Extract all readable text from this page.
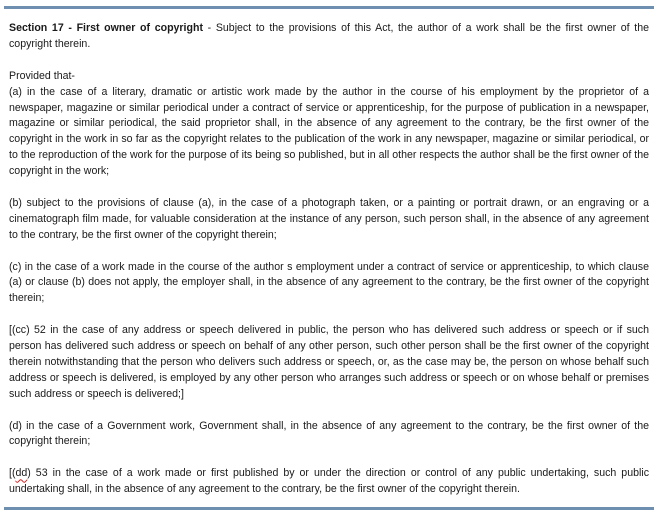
Section 17 - First owner of copyright - Subject to the provisions of this Act, the author of a work shall be the first owner of the copyright therein.

Provided that-
(a) in the case of a literary, dramatic or artistic work made by the author in the course of his employment by the proprietor of a newspaper, magazine or similar periodical under a contract of service or apprenticeship, for the purpose of publication in a newspaper, magazine or similar periodical, the said proprietor shall, in the absence of any agreement to the contrary, be the first owner of the copyright in the work in so far as the copyright relates to the publication of the work in any newspaper, magazine or similar periodical, or to the reproduction of the work for the purpose of its being so published, but in all other respects the author shall be the first owner of the copyright in the work;

(b) subject to the provisions of clause (a), in the case of a photograph taken, or a painting or portrait drawn, or an engraving or a cinematograph film made, for valuable consideration at the instance of any person, such person shall, in the absence of any agreement to the contrary, be the first owner of the copyright therein;

(c) in the case of a work made in the course of the author s employment under a contract of service or apprenticeship, to which clause (a) or clause (b) does not apply, the employer shall, in the absence of any agreement to the contrary, be the first owner of the copyright therein;

[(cc) 52 in the case of any address or speech delivered in public, the person who has delivered such address or speech or if such person has delivered such address or speech on behalf of any other person, such other person shall be the first owner of the copyright therein notwithstanding that the person who delivers such address or speech, or, as the case may be, the person on whose behalf such address or speech is delivered, is employed by any other person who arranges such address or speech or on whose behalf or premises such address or speech is delivered;]

(d) in the case of a Government work, Government shall, in the absence of any agreement to the contrary, be the first owner of the copyright therein;

[(dd) 53 in the case of a work made or first published by or under the direction or control of any public undertaking, such public undertaking shall, in the absence of any agreement to the contrary, be the first owner of the copyright therein.
